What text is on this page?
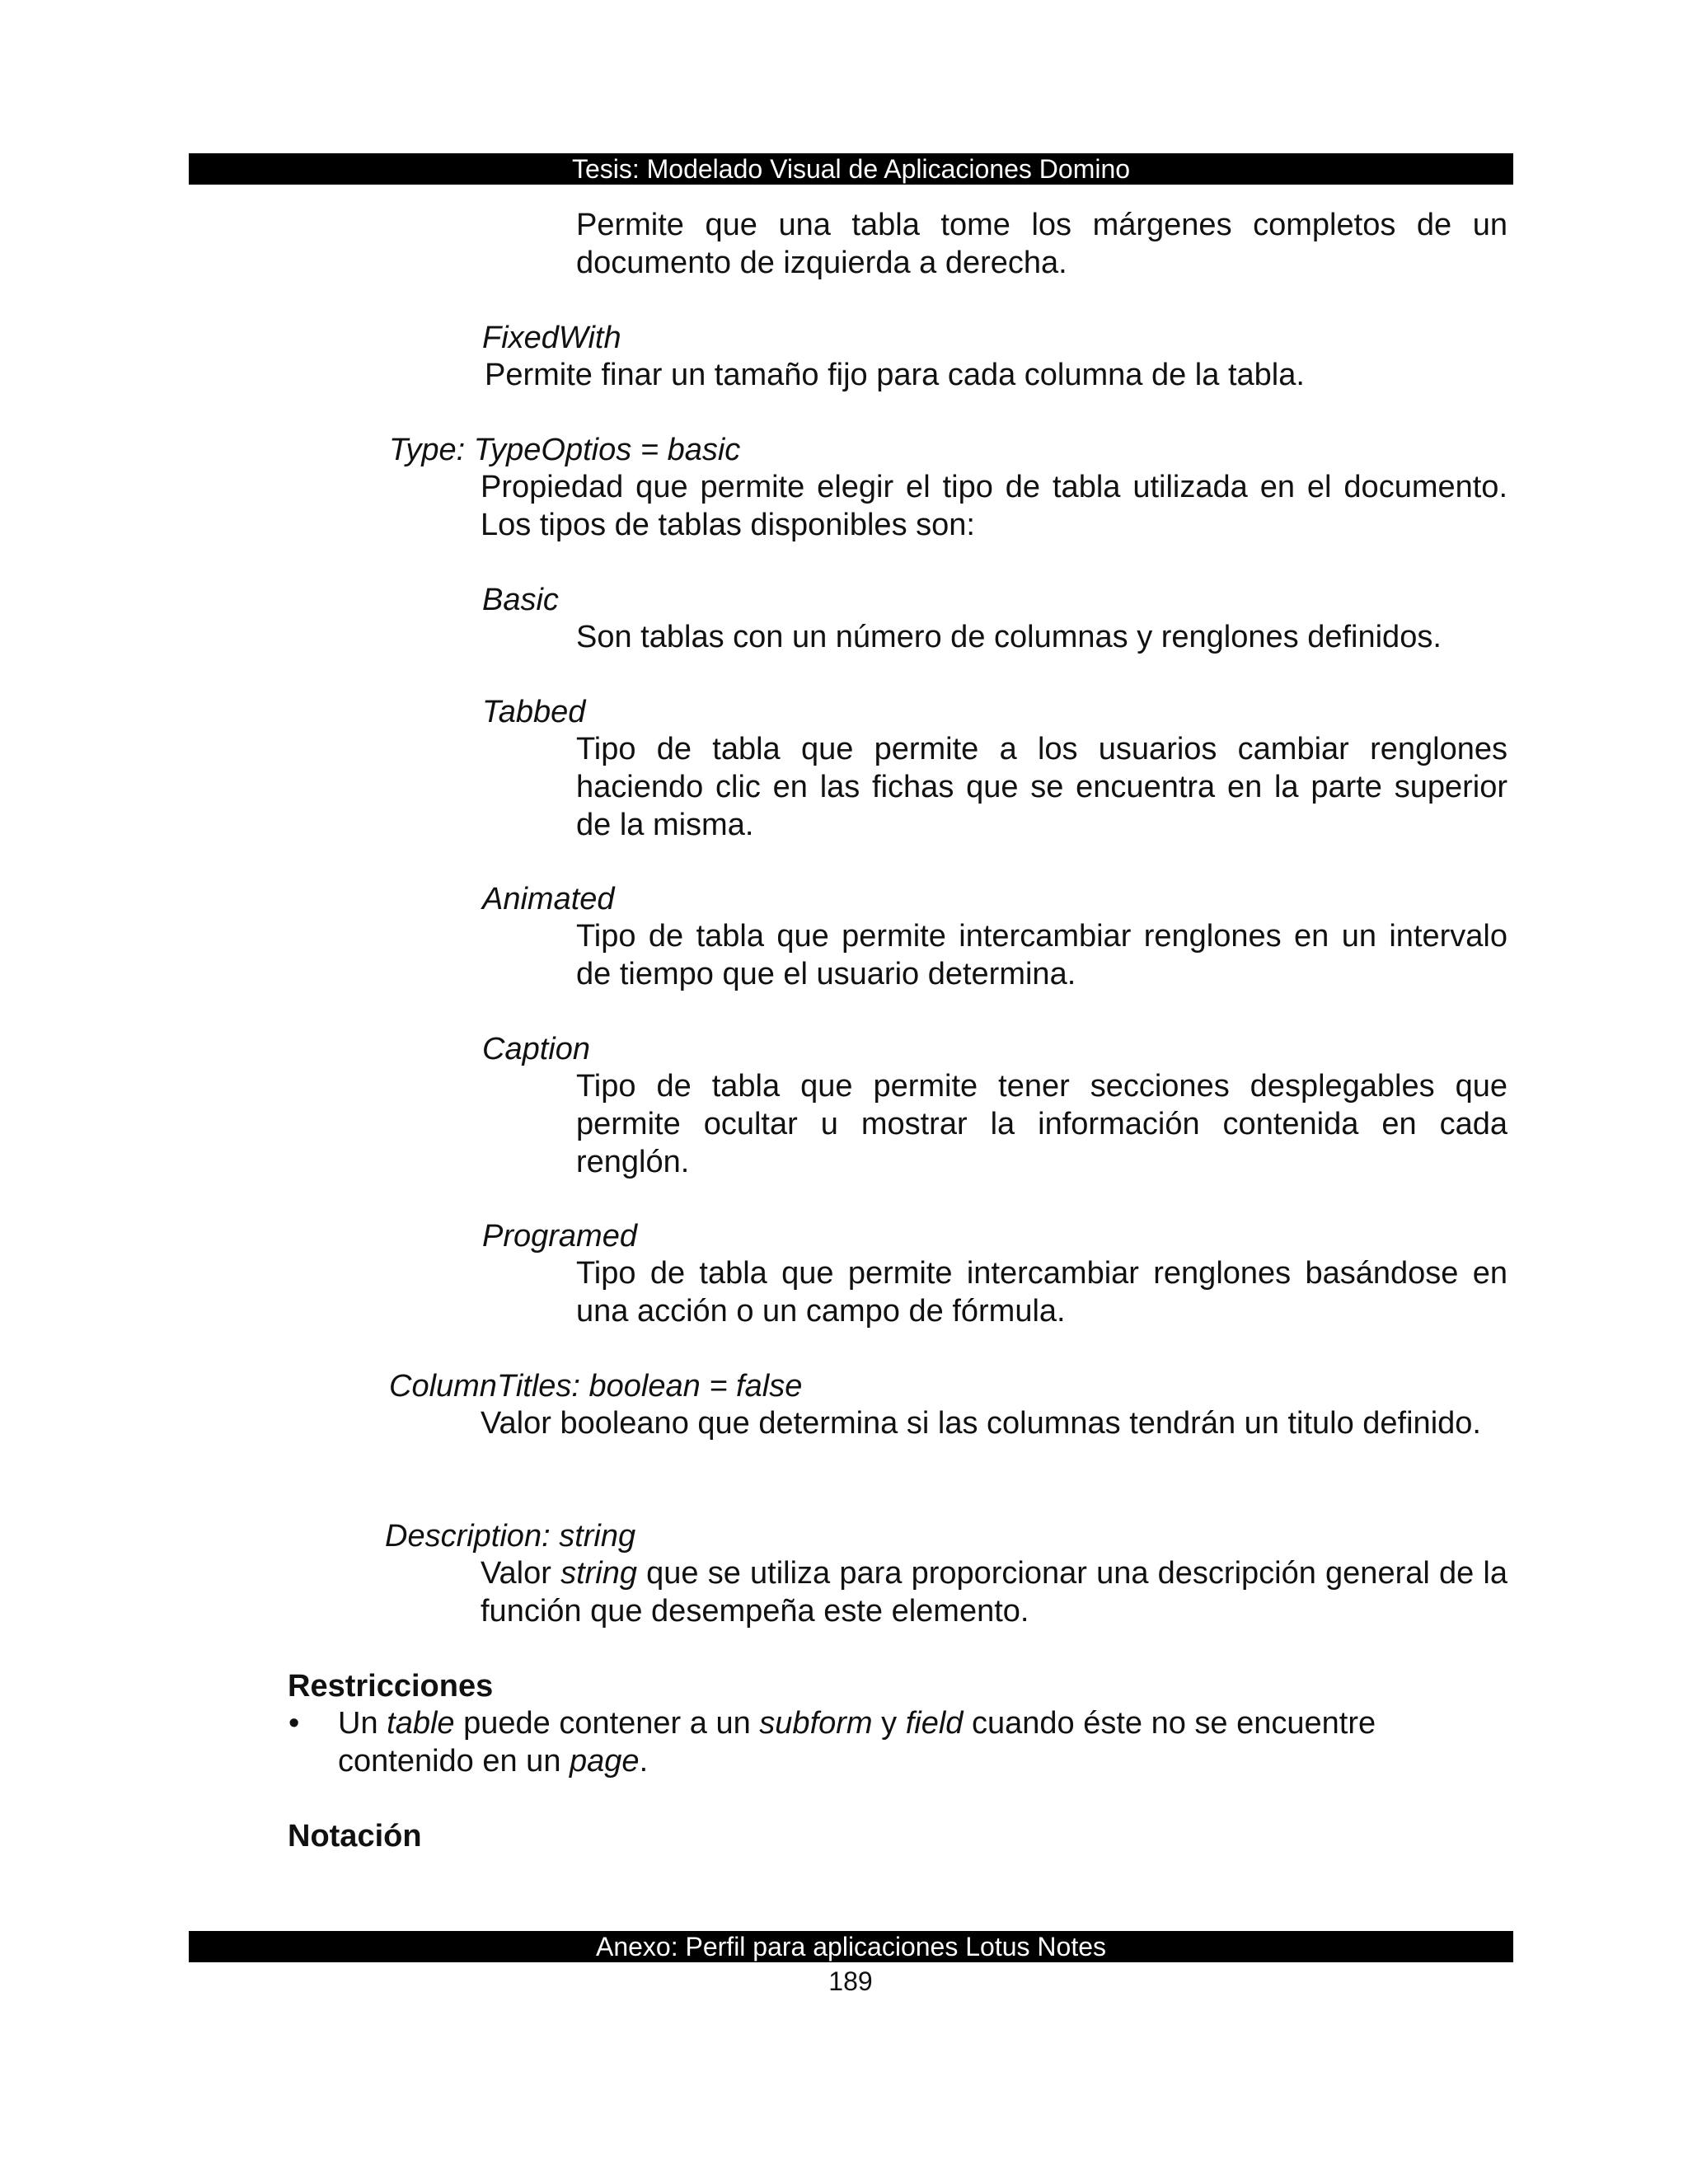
Tesis: Modelado Visual de Aplicaciones Domino

Permite que una tabla tome los márgenes completos de un documento de izquierda a derecha.

FixedWith

Permite finar un tamaño fijo para cada columna de la tabla.

Type: TypeOptios = basic

Propiedad que permite elegir el tipo de tabla utilizada en el documento. Los tipos de tablas disponibles son:

Basic

Son tablas con un número de columnas y renglones definidos.

Tabbed

Tipo de tabla que permite a los usuarios cambiar renglones haciendo clic en las fichas que se encuentra en la parte superior de la misma.

Animated

Tipo de tabla que permite intercambiar renglones en un intervalo de tiempo que el usuario determina.

Caption

Tipo de tabla que permite tener secciones desplegables que permite ocultar u mostrar la información contenida en cada renglón.

Programed

Tipo de tabla que permite intercambiar renglones basándose en una acción o un campo de fórmula.

ColumnTitles: boolean = false

Valor booleano que determina si las columnas tendrán un titulo definido.

Description: string

Valor string que se utiliza para proporcionar una descripción general de la función que desempeña este elemento.

Restricciones

• Un table puede contener a un subform y field cuando éste no se encuentre contenido en un page.

Notación

Anexo: Perfil para aplicaciones Lotus Notes
189
